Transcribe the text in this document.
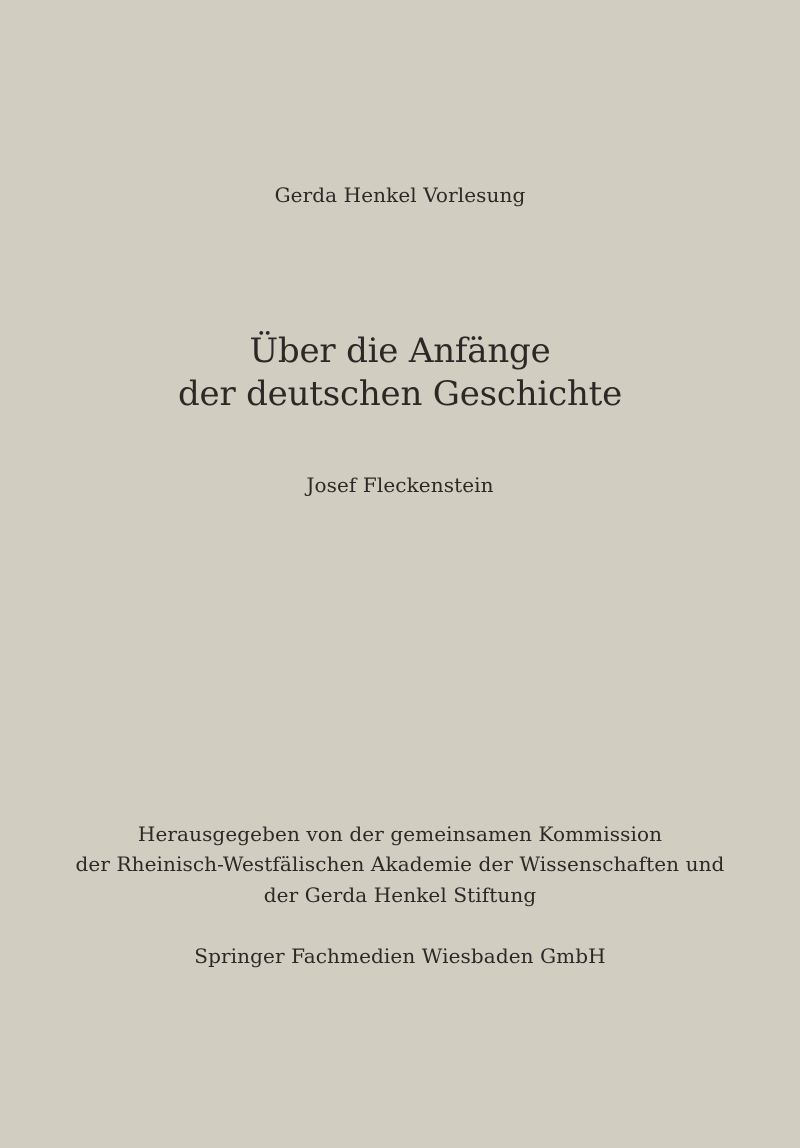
Gerda Henkel Vorlesung
Über die Anfänge
der deutschen Geschichte
Josef Fleckenstein
Herausgegeben von der gemeinsamen Kommission
der Rheinisch-Westfälischen Akademie der Wissenschaften und
der Gerda Henkel Stiftung
Springer Fachmedien Wiesbaden GmbH
